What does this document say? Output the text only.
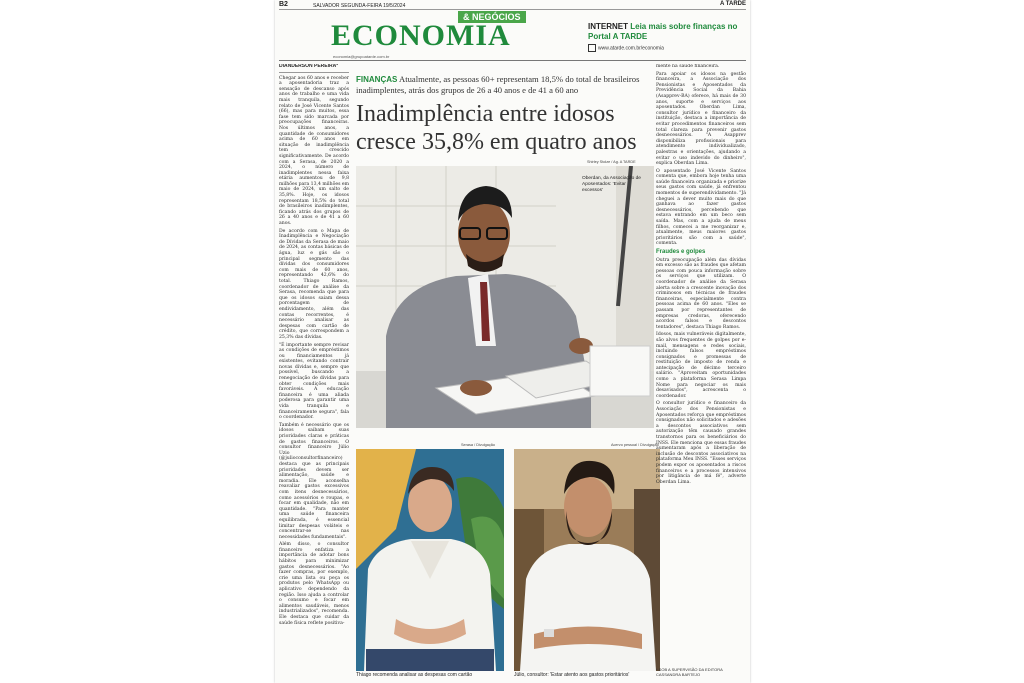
B2	SALVADOR SEGUNDA-FEIRA 19/5/2024	A TARDE
& NEGÓCIOS
ECONOMIA
economia@grupoatarde.com.br
INTERNET Leia mais sobre finanças no Portal A TARDE
www.atarde.com.br/economia
DIANDERSON PEREIRA*

Chegar aos 60 anos e receber a aposentadoria traz a sensação de descanso após anos de trabalho e uma vida mais tranquila, segundo relato de José Vicente Santos (66), mas para muitos, essa fase tem sido marcada por preocupações financeiras. Nos últimos anos, a quantidade de consumidores acima de 60 anos em situação de inadimplência tem crescido significativamente. De acordo com a Serasa, de 2020 a 2024, o número de inadimplentes nessa faixa etária aumentou de 9,8 milhões para 13,4 milhões em maio de 2024, um salto de 35,8%. Hoje, os idosos representam 18,5% do total de brasileiros inadimplentes, ficando atrás dos grupos de 26 a 40 anos e de 41 a 60 anos.

De acordo com o Mapa de Inadimplência e Negociação de Dívidas da Serasa de maio de 2024, as contas básicas de água, luz e gás são o principal segmento das dívidas dos consumidores com mais de 60 anos, representando 42,6% do total. Thiago Ramos, coordenador de análise da Serasa, recomenda que para que os idosos saiam dessa porcentagem de endividamento, além das contas recorrentes, é necessário analisar as despesas com cartão de crédito, que correspondem a 25,3% das dívidas.

"É importante sempre revisar as condições de empréstimos ou financiamentos já existentes, evitando contrair novas dívidas e, sempre que possível, buscando a renegociação de dívidas para obter condições mais favoráveis. A educação financeira é uma aliada poderosa para garantir uma vida tranquila e financeiramente segura", fala o coordenador.

Também é necessário que os idosos saibam suas prioridades claras e práticas de gastos financeiros. O consultor financeiro Júlio Uzio (@julioconsultorfinanceiro) destaca que as principais prioridades devem ser alimentação, saúde e moradia. Ele aconselha reavaliar gastos excessivos com itens desnecessários, como acessórios e roupas, e focar em qualidade, não em quantidade. "Para manter uma saúde financeira equilibrada, é essencial limitar despesas voláteis e concentrar-se nas necessidades fundamentais".

Além disso, o consultor financeiro enfatiza a importância de adotar bons hábitos para minimizar gastos desnecessários. "Ao fazer compras, por exemplo, crie uma lista ou peça os produtos pelo WhatsApp ou aplicativo dependendo da região. Isso ajuda a controlar o consumo e focar em alimentos saudáveis, menos industrializados", recomenda. Ele destaca que cuidar da saúde física reflete positiva-

FINANÇAS Atualmente, as pessoas 60+ representam 18,5% do total de brasileiros inadimplentes, atrás dos grupos de 26 a 40 anos e de 41 a 60 ano
Inadimplência entre idosos cresce 35,8% em quatro anos
Shirley Stolze / Ag. A TARDE
Oberdan, da Associação de Aposentados: 'Evitar excessos'
Serasa / Divulgação
Thiago recomenda analisar as despesas com cartão
Acervo pessoal / Divulgação
Júlio, consultor: 'Estar atento aos gastos prioritários'

mente na saúde financeira.

Para apoiar os idosos na gestão financeira, a Associação dos Pensionistas e Aposentados da Previdência Social da Bahia (Asapprev-BA) oferece, há mais de 30 anos, suporte e serviços aos aposentados. Oberdan Lima, consultor jurídico e financeiro da instituição, destaca a importância de evitar procedimentos financeiros sem total clareza para prevenir gastos desnecessários. "A Asapprev disponibiliza profissionais para atendimento individualizado, palestras e orientações, ajudando a evitar o uso indevido do dinheiro", explica Oberdan Lima.

O aposentado José Vicente Santos comenta que, embora hoje tenha uma saúde financeira organizada e priorize seus gastos com saúde, já enfrentou momentos de superendividamento. "Já cheguei a dever muito mais do que ganhava ao fazer gastos desnecessários, percebendo que estava entrando em um beco sem saída. Mas, com a ajuda de meus filhos, comecei a me reorganizar e, atualmente, meus maiores gastos prioritários são com a saúde", comenta.

Fraudes e golpes

Outra preocupação além das dívidas em excesso são as fraudes que afetam pessoas com pouca informação sobre os serviços que utilizam. O coordenador de análise da Serasa alerta sobre a crescente inovação dos criminosos em técnicas de fraudes financeiras, especialmente contra pessoas acima de 60 anos. "Eles se passam por representantes de empresas credoras, oferecendo acordos falsos e descontos tentadores", destaca Thiago Ramos.

Idosos, mais vulneráveis digitalmente, são alvos frequentes de golpes por e-mail, mensagens e redes sociais, incluindo falsos empréstimos consignados e promessas de restituição de imposto de renda e antecipação de décimo terceiro salário. "Aproveitam oportunidades como a plataforma Serasa Limpa Nome para negociar os mais desavisados", acrescenta o coordenador.

O consultor jurídico e financeiro da Associação dos Pensionistas e Aposentados reforça que empréstimos consignados não solicitados e adesões a descontos associativos sem autorização têm causado grandes transtornos para os beneficiários do INSS. Ele menciona que essas fraudes aumentaram após a liberação de inclusão de descontos associativos na plataforma Meu INSS. "Esses serviços podem expor os aposentados a riscos financeiros e a processos intensivos por litigância de má fé", adverte Oberdan Lima.

* SOB A SUPERVISÃO DA EDITORA CASSANDRA BARTEJO
